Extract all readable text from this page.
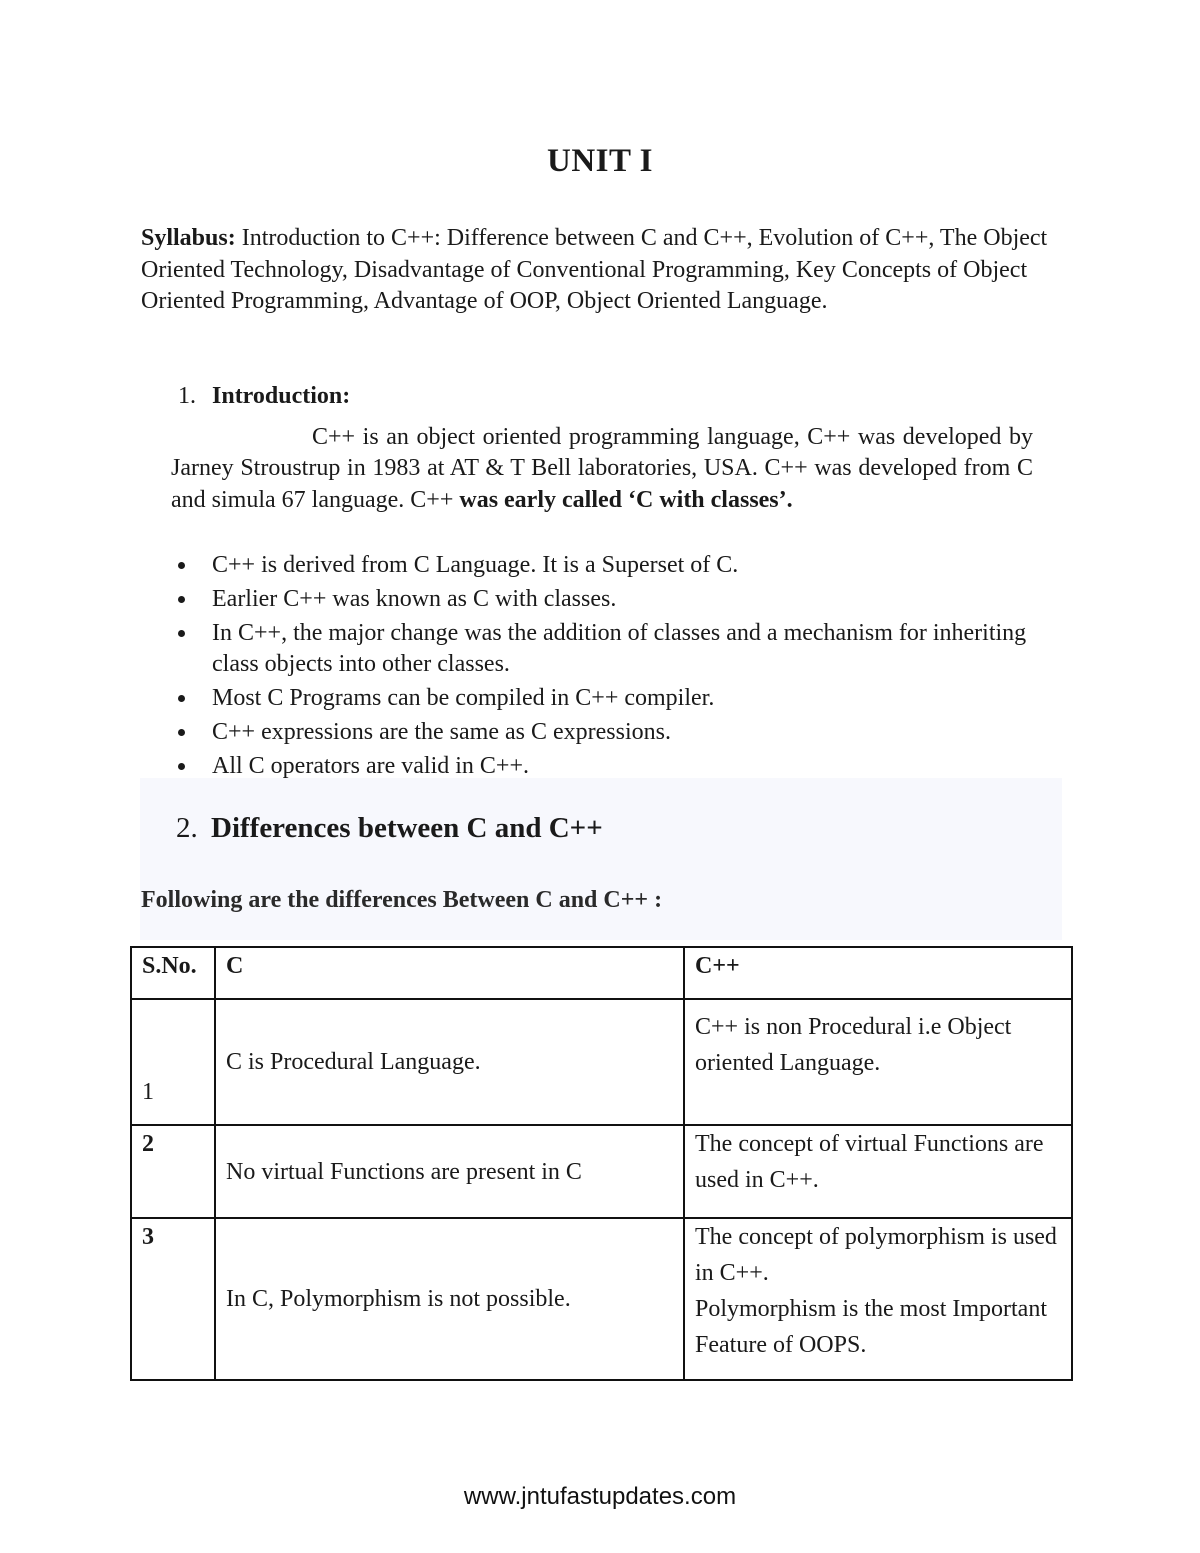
UNIT I
Syllabus: Introduction to C++: Difference between C and C++, Evolution of C++, The Object Oriented Technology, Disadvantage of Conventional Programming, Key Concepts of Object Oriented Programming, Advantage of OOP, Object Oriented Language.
1. Introduction:
C++ is an object oriented programming language, C++ was developed by Jarney Stroustrup in 1983 at AT & T Bell laboratories, USA. C++ was developed from C and simula 67 language. C++ was early called ‘C with classes’.
C++ is derived from C Language. It is a Superset of C.
Earlier C++ was known as C with classes.
In C++, the major change was the addition of classes and a mechanism for inheriting class objects into other classes.
Most C Programs can be compiled in C++ compiler.
C++ expressions are the same as C expressions.
All C operators are valid in C++.
2. Differences between C and C++
Following are the differences Between C and C++ :
S.No.	C	C++
1	C is Procedural Language.	C++ is non Procedural i.e Object oriented Language.
2	No virtual Functions are present in C	The concept of virtual Functions are used in C++.
3	In C, Polymorphism is not possible.	The concept of polymorphism is used in C++.
Polymorphism is the most Important Feature of OOPS.
www.jntufastupdates.com
